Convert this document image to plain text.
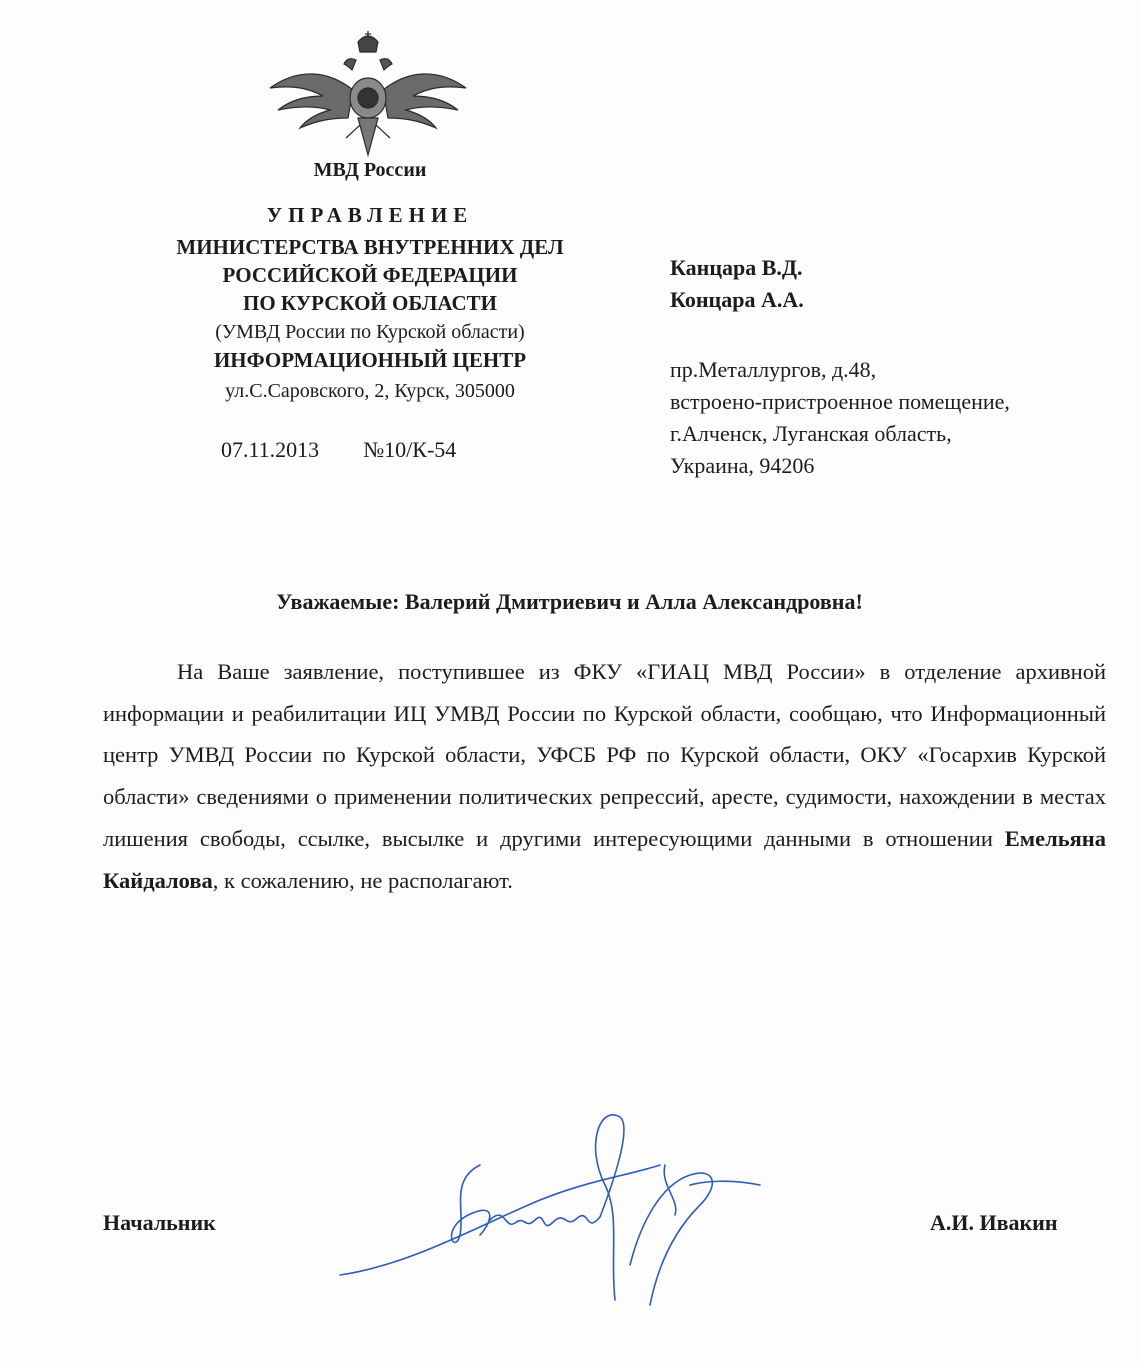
МВД России
УПРАВЛЕНИЕ
МИНИСТЕРСТВА ВНУТРЕННИХ ДЕЛ
РОССИЙСКОЙ ФЕДЕРАЦИИ
ПО КУРСКОЙ ОБЛАСТИ
(УМВД России по Курской области)
ИНФОРМАЦИОННЫЙ ЦЕНТР
ул.С.Саровского, 2, Курск, 305000
07.11.2013 №10/К-54
Канцара В.Д.
Концара А.А.
пр.Металлургов, д.48,
встроено-пристроенное помещение,
г.Алченск, Луганская область,
Украина, 94206
Уважаемые: Валерий Дмитриевич и Алла Александровна!

На Ваше заявление, поступившее из ФКУ «ГИАЦ МВД России» в отделение архивной информации и реабилитации ИЦ УМВД России по Курской области, сообщаю, что Информационный центр УМВД России по Курской области, УФСБ РФ по Курской области, ОКУ «Госархив Курской области» сведениями о применении политических репрессий, аресте, судимости, нахождении в местах лишения свободы, ссылке, высылке и другими интересующими данными в отношении Емельяна Кайдалова, к сожалению, не располагают.

Начальник	А.И. Ивакин
